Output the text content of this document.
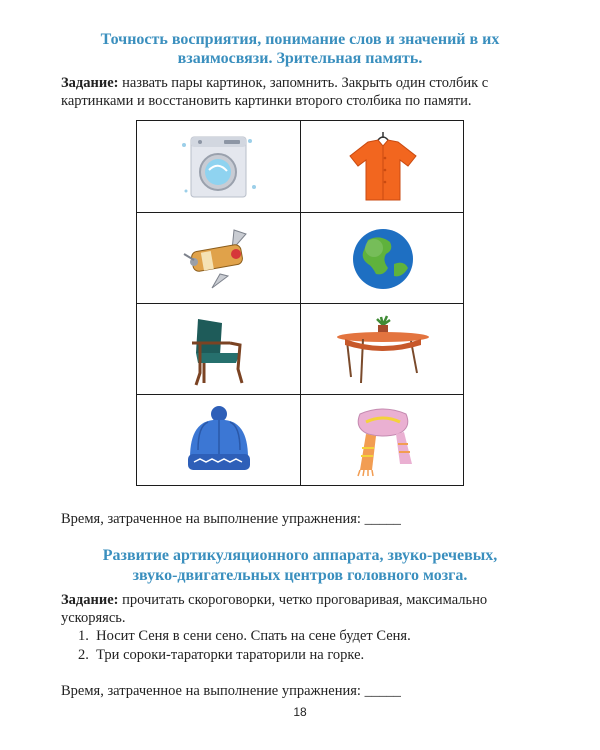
Точность восприятия, понимание слов и значений в их
взаимосвязи. Зрительная память.
Задание: назвать пары картинок, запомнить. Закрыть один столбик с
картинками и восстановить картинки второго столбика по памяти.
Время, затраченное на выполнение упражнения: _____
Развитие артикуляционного аппарата, звуко-речевых,
звуко-двигательных центров головного мозга.
Задание: прочитать скороговорки, четко проговаривая, максимально
ускоряясь.
1. Носит Сеня в сени сено. Спать на сене будет Сеня.
2. Три сороки-тараторки тараторили на горке.
Время, затраченное на выполнение упражнения: _____
18
